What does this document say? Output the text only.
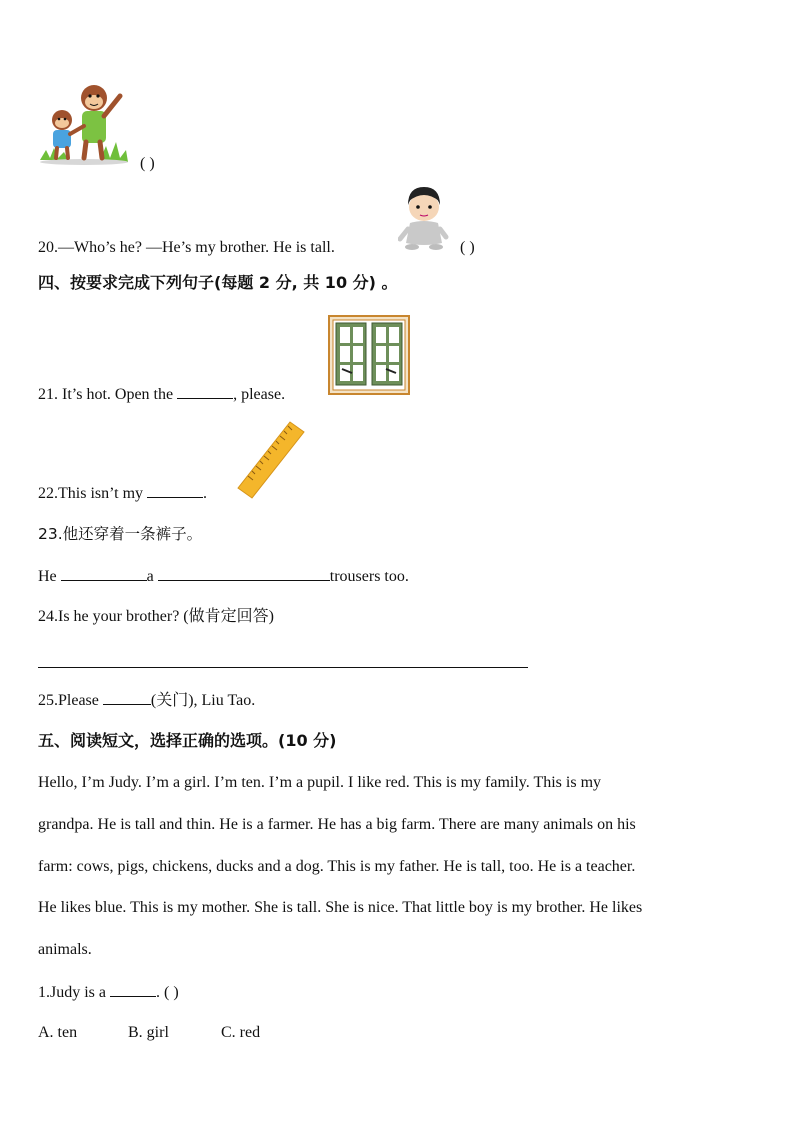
( )
20.—Who’s he? —He’s my brother. He is tall.	( )
四、按要求完成下列句子(每题 2 分, 共 10 分) 。
21. It’s hot. Open the	, please.
22.This isn’t my	.
23.他还穿着一条裤子。
He	a	trousers too.
24.Is he your brother? (做肯定回答)
25.Please	(关门), Liu Tao.
五、阅读短文，选择正确的选项。(10 分)
Hello, I’m Judy. I’m a girl. I’m ten. I’m a pupil. I like red. This is my family. This is my
grandpa. He is tall and thin. He is a farmer. He has a big farm. There are many animals on his
farm: cows, pigs, chickens, ducks and a dog. This is my father. He is tall, too. He is a teacher.
He likes blue. This is my mother. She is tall. She is nice. That little boy is my brother. He likes
animals.
1.Judy is a	. ( )
A. ten	B. girl	C. red
